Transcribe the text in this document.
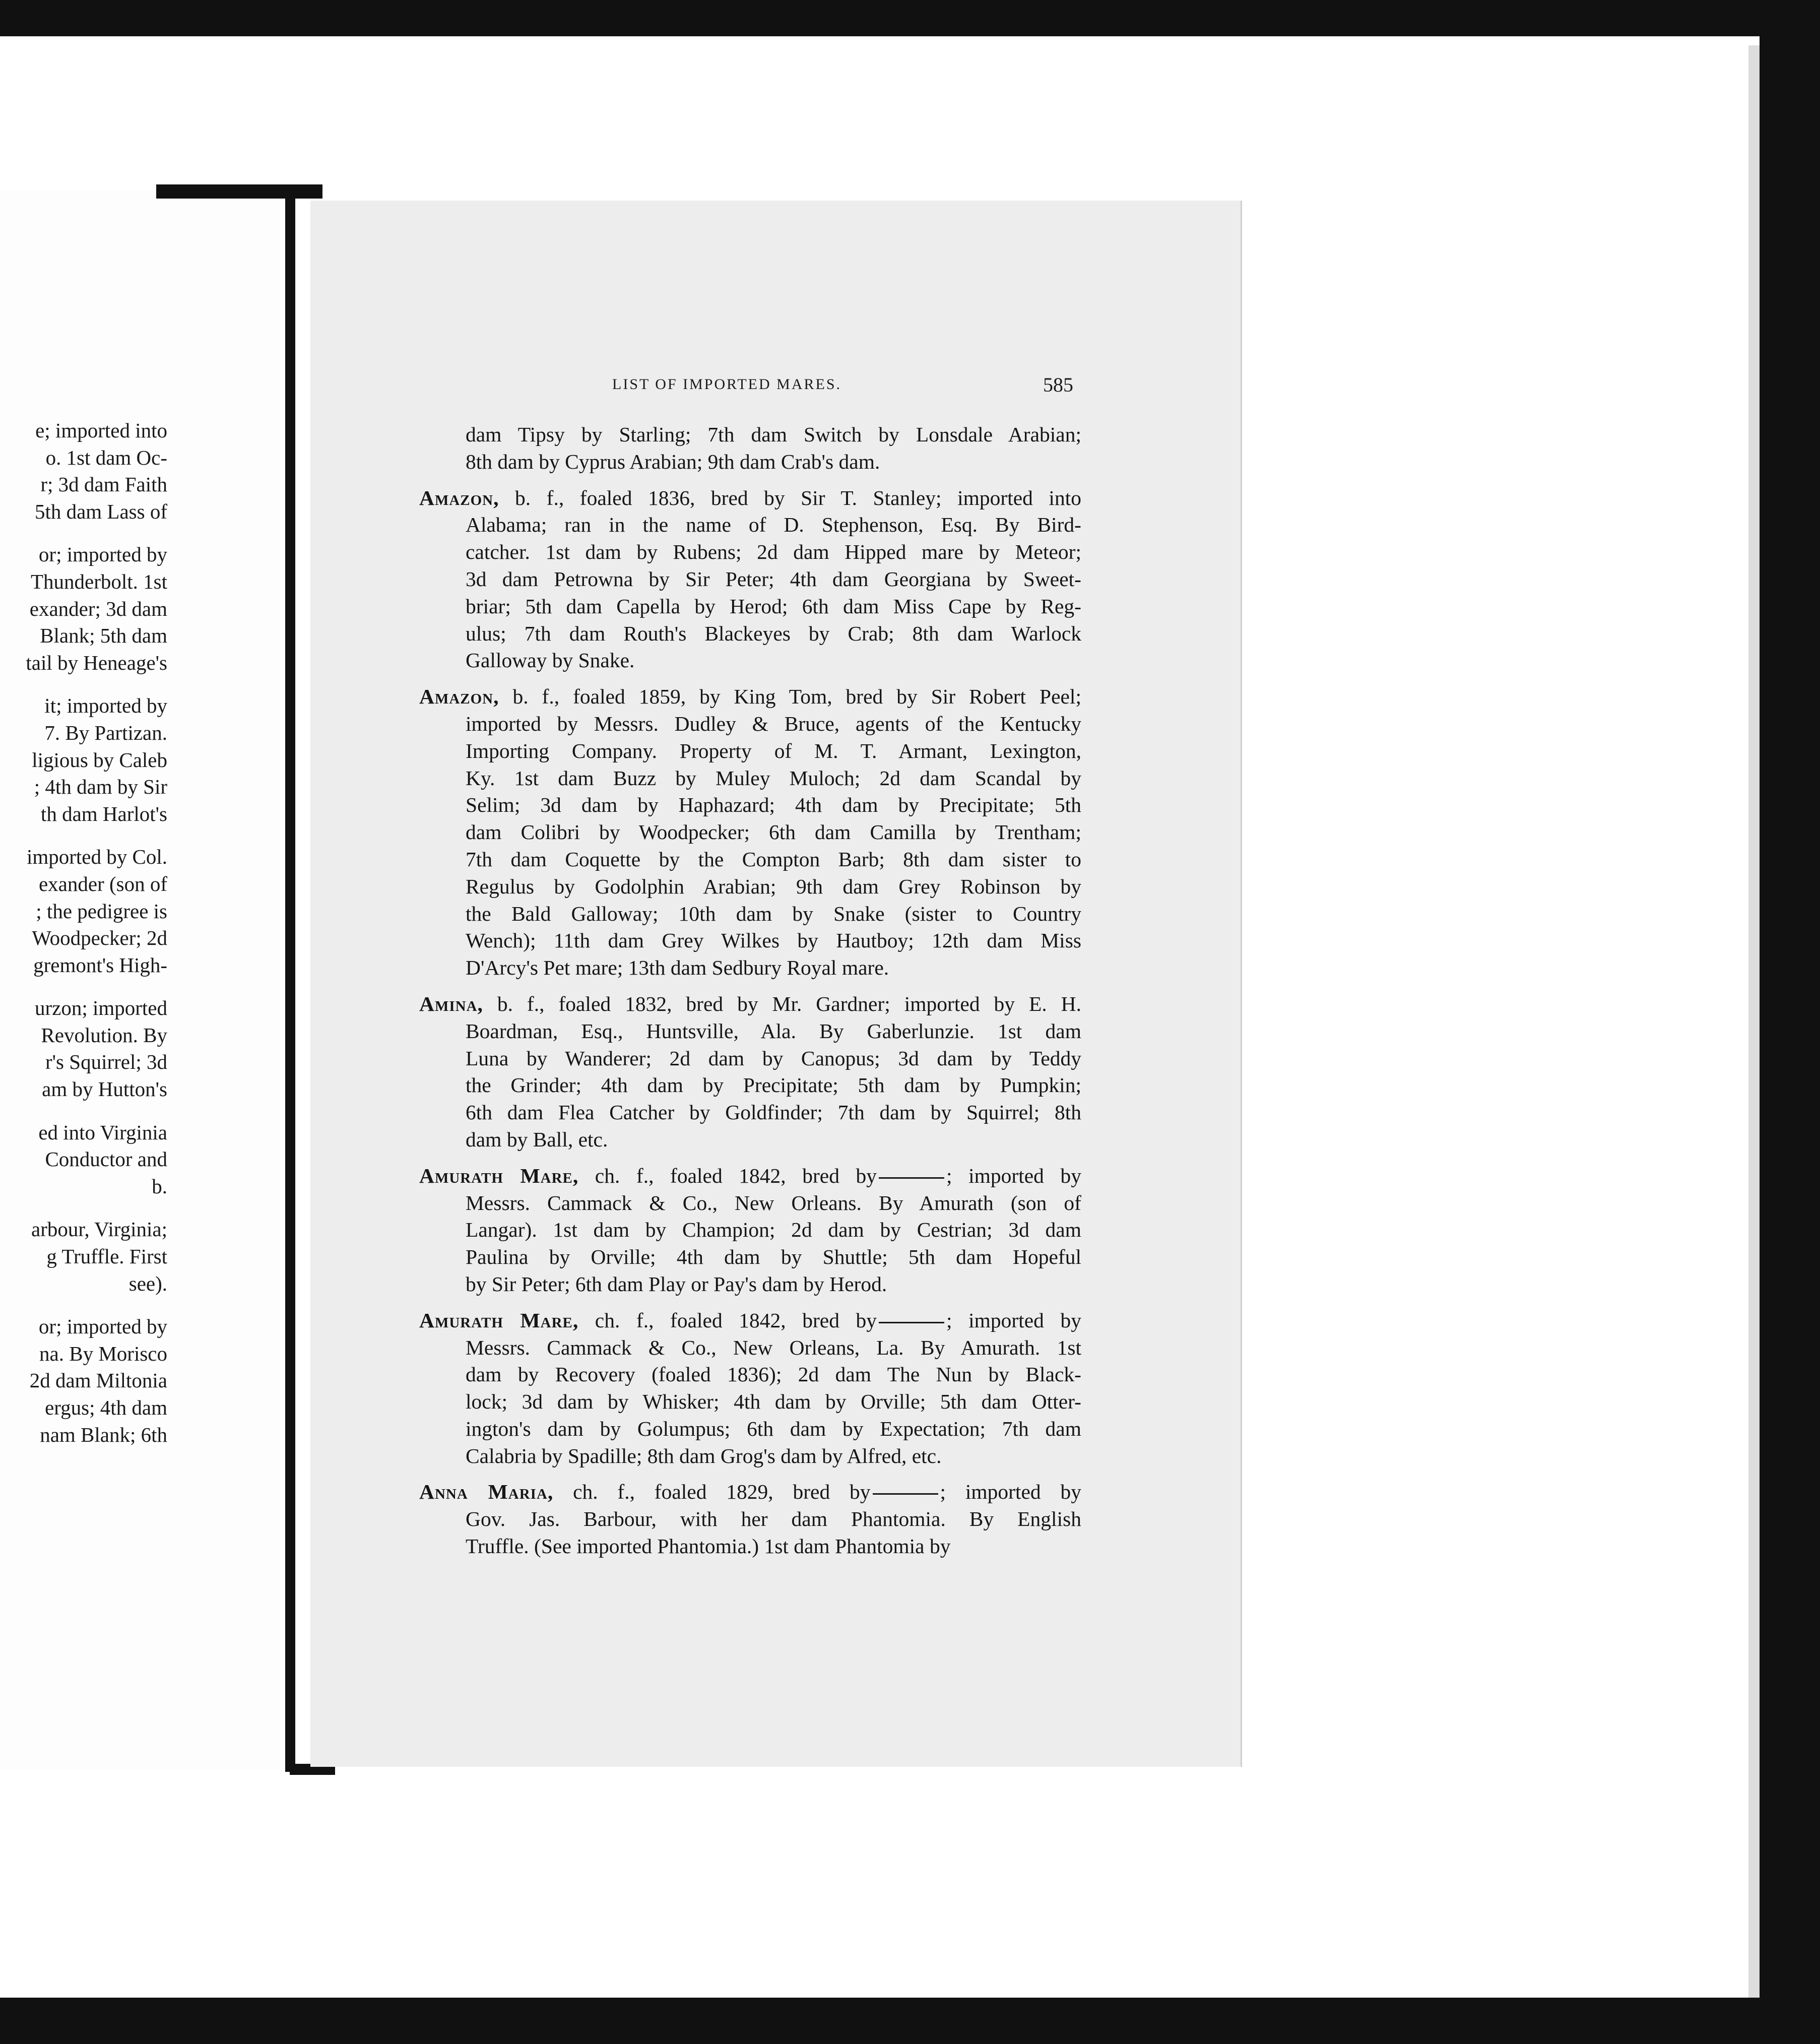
e; imported into
o. 1st dam Oc-
r; 3d dam Faith
5th dam Lass of
or; imported by
Thunderbolt. 1st
exander; 3d dam
Blank; 5th dam
tail by Heneage's
it; imported by
7. By Partizan.
ligious by Caleb
; 4th dam by Sir
th dam Harlot's
imported by Col.
exander (son of
; the pedigree is
Woodpecker; 2d
gremont's High-
urzon; imported
Revolution. By
r's Squirrel; 3d
am by Hutton's
ed into Virginia
Conductor and
b.
arbour, Virginia;
g Truffle. First
see).
or; imported by
na. By Morisco
2d dam Miltonia
ergus; 4th dam
nam Blank; 6th
LIST OF IMPORTED MARES.	585
dam Tipsy by Starling; 7th dam Switch by Lonsdale Arabian;
8th dam by Cyprus Arabian; 9th dam Crab's dam.
Amazon, b. f., foaled 1836, bred by Sir T. Stanley; imported into
Alabama; ran in the name of D. Stephenson, Esq. By Bird-
catcher. 1st dam by Rubens; 2d dam Hipped mare by Meteor;
3d dam Petrowna by Sir Peter; 4th dam Georgiana by Sweet-
briar; 5th dam Capella by Herod; 6th dam Miss Cape by Reg-
ulus; 7th dam Routh's Blackeyes by Crab; 8th dam Warlock
Galloway by Snake.
Amazon, b. f., foaled 1859, by King Tom, bred by Sir Robert Peel;
imported by Messrs. Dudley & Bruce, agents of the Kentucky
Importing Company. Property of M. T. Armant, Lexington,
Ky. 1st dam Buzz by Muley Muloch; 2d dam Scandal by
Selim; 3d dam by Haphazard; 4th dam by Precipitate; 5th
dam Colibri by Woodpecker; 6th dam Camilla by Trentham;
7th dam Coquette by the Compton Barb; 8th dam sister to
Regulus by Godolphin Arabian; 9th dam Grey Robinson by
the Bald Galloway; 10th dam by Snake (sister to Country
Wench); 11th dam Grey Wilkes by Hautboy; 12th dam Miss
D'Arcy's Pet mare; 13th dam Sedbury Royal mare.
Amina, b. f., foaled 1832, bred by Mr. Gardner; imported by E. H.
Boardman, Esq., Huntsville, Ala. By Gaberlunzie. 1st dam
Luna by Wanderer; 2d dam by Canopus; 3d dam by Teddy
the Grinder; 4th dam by Precipitate; 5th dam by Pumpkin;
6th dam Flea Catcher by Goldfinder; 7th dam by Squirrel; 8th
dam by Ball, etc.
Amurath Mare, ch. f., foaled 1842, bred by	; imported by
Messrs. Cammack & Co., New Orleans. By Amurath (son of
Langar). 1st dam by Champion; 2d dam by Cestrian; 3d dam
Paulina by Orville; 4th dam by Shuttle; 5th dam Hopeful
by Sir Peter; 6th dam Play or Pay's dam by Herod.
Amurath Mare, ch. f., foaled 1842, bred by	; imported by
Messrs. Cammack & Co., New Orleans, La. By Amurath. 1st
dam by Recovery (foaled 1836); 2d dam The Nun by Black-
lock; 3d dam by Whisker; 4th dam by Orville; 5th dam Otter-
ington's dam by Golumpus; 6th dam by Expectation; 7th dam
Calabria by Spadille; 8th dam Grog's dam by Alfred, etc.
Anna Maria, ch. f., foaled 1829, bred by	; imported by
Gov. Jas. Barbour, with her dam Phantomia. By English
Truffle. (See imported Phantomia.) 1st dam Phantomia by
